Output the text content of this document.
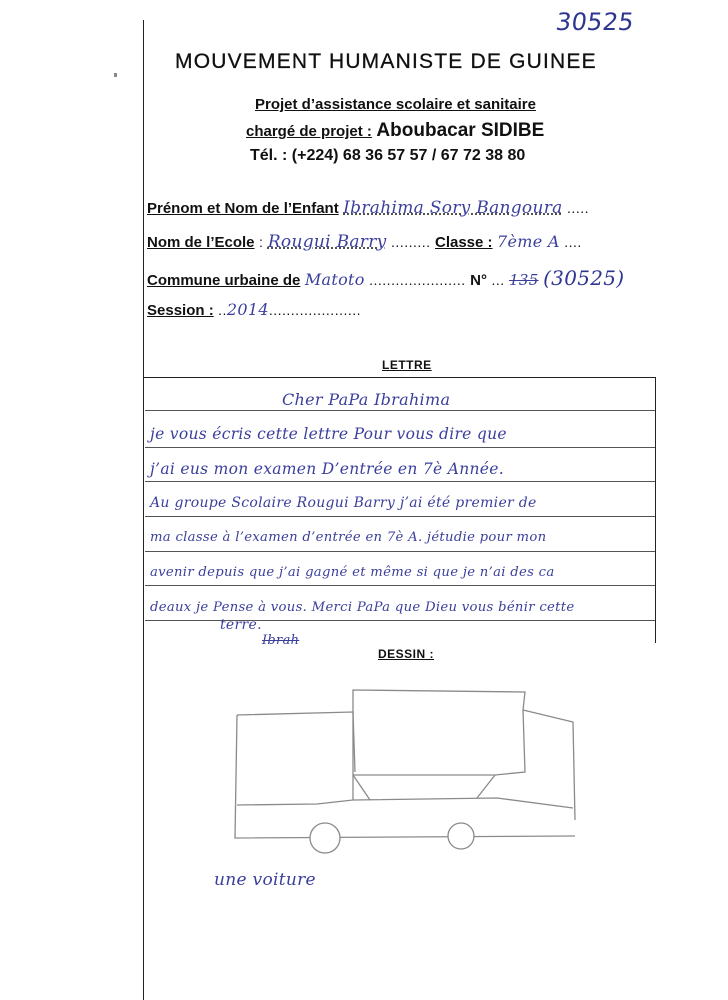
30525
MOUVEMENT HUMANISTE DE GUINEE
Projet d’assistance scolaire et sanitaire
chargé de projet : Aboubacar SIDIBE
Tél. : (+224) 68 36 57 57 / 67 72 38 80
Prénom et Nom de l’Enfant Ibrahima Sory Bangoura .....
Nom de l’Ecole : Rougui Barry ......... Classe : 7ème A ....
Commune urbaine de Matoto ...................... N° ... 135 (30525)
Session : ..2014.....................
LETTRE
Cher PaPa Ibrahima
je vous écris cette lettre Pour vous dire que
j’ai eus mon examen D’entrée en 7è Année.
Au groupe Scolaire Rougui Barry j’ai été premier de
ma classe à l’examen d’entrée en 7è A. jétudie pour mon
avenir depuis que j’ai gagné et même si que je n’ai des ca
deaux je Pense à vous. Merci PaPa que Dieu vous bénir cette
terre.
Ibrah
DESSIN :
une voiture
